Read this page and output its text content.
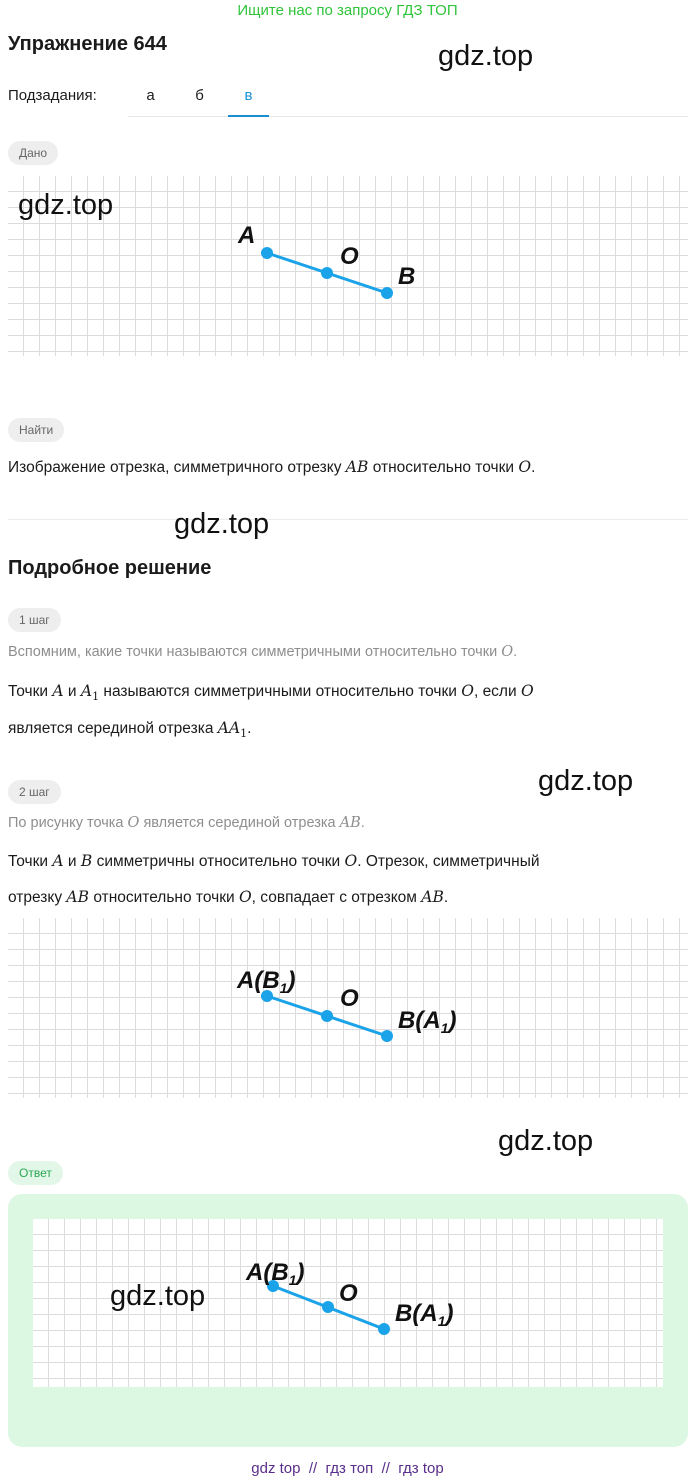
Ищите нас по запросу ГДЗ ТОП
Упражнение 644	gdz.top
Подзадания:	а	б	в
Дано
A
O
B
gdz.top
Найти
Изображение отрезка, симметричного отрезку AB относительно точки O.
gdz.top
Подробное решение
1 шаг
Вспомним, какие точки называются симметричными относительно точки O.
Точки A и $A_1$ называются симметричными относительно точки O, если O
является серединой отрезка $AA_1$.
gdz.top
2 шаг
По рисунку точка O является серединой отрезка AB.
Точки A и B симметричны относительно точки O. Отрезок, симметричный
отрезку AB относительно точки O, совпадает с отрезком AB.
$A(B_1)$
O
$B(A_1)$
gdz.top
Ответ
$A(B_1)$
O
$B(A_1)$
gdz.top
gdz top  //  гдз топ  //  гдз top
